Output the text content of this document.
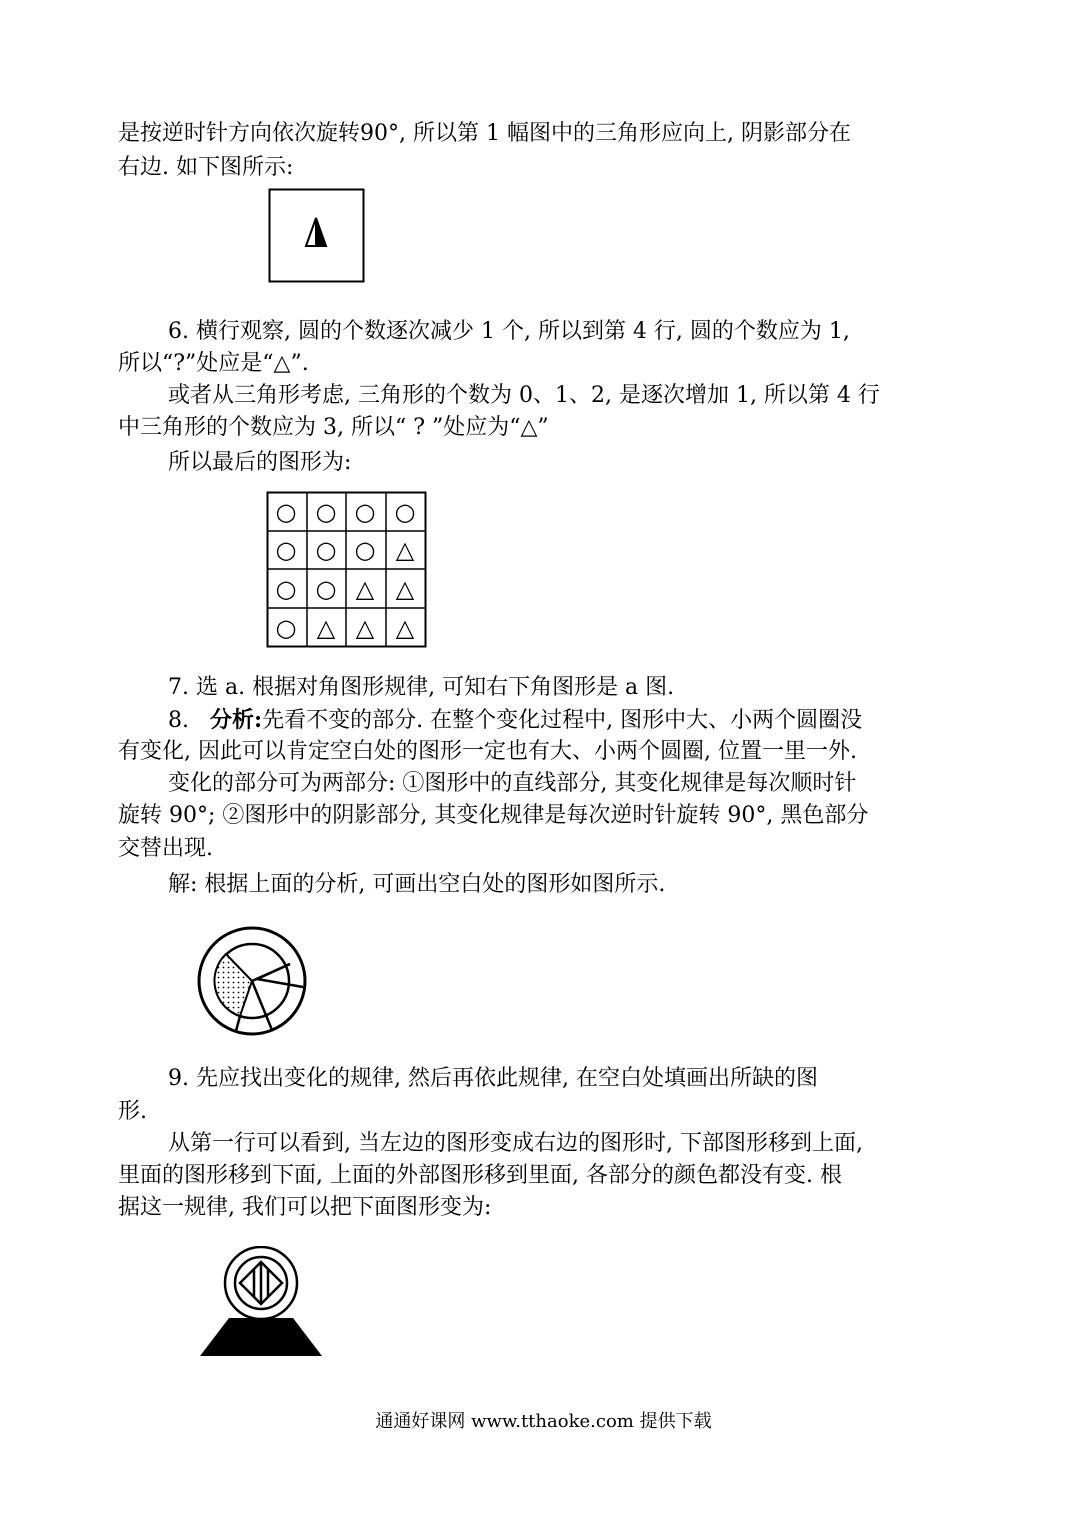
是按逆时针方向依次旋转90°, 所以第 1 幅图中的三角形应向上, 阴影部分在
右边. 如下图所示:
6. 横行观察, 圆的个数逐次减少 1 个, 所以到第 4 行, 圆的个数应为 1,
所以“?”处应是“△”.
或者从三角形考虑, 三角形的个数为 0、1、2, 是逐次增加 1, 所以第 4 行
中三角形的个数应为 3, 所以“ ? ”处应为“△”
所以最后的图形为:
○ ○ ○ ○
○ ○ ○ △
○ ○ △ △
○ △ △ △
7. 选 a. 根据对角图形规律, 可知右下角图形是 a 图.
8. 分析:先看不变的部分. 在整个变化过程中, 图形中大、小两个圆圈没
有变化, 因此可以肯定空白处的图形一定也有大、小两个圆圈, 位置一里一外.
变化的部分可为两部分: ①图形中的直线部分, 其变化规律是每次顺时针
旋转 90°; ②图形中的阴影部分, 其变化规律是每次逆时针旋转 90°, 黑色部分
交替出现.
解: 根据上面的分析, 可画出空白处的图形如图所示.
9. 先应找出变化的规律, 然后再依此规律, 在空白处填画出所缺的图
形.
从第一行可以看到, 当左边的图形变成右边的图形时, 下部图形移到上面,
里面的图形移到下面, 上面的外部图形移到里面, 各部分的颜色都没有变. 根
据这一规律, 我们可以把下面图形变为:
通通好课网 www.tthaoke.com 提供下载
